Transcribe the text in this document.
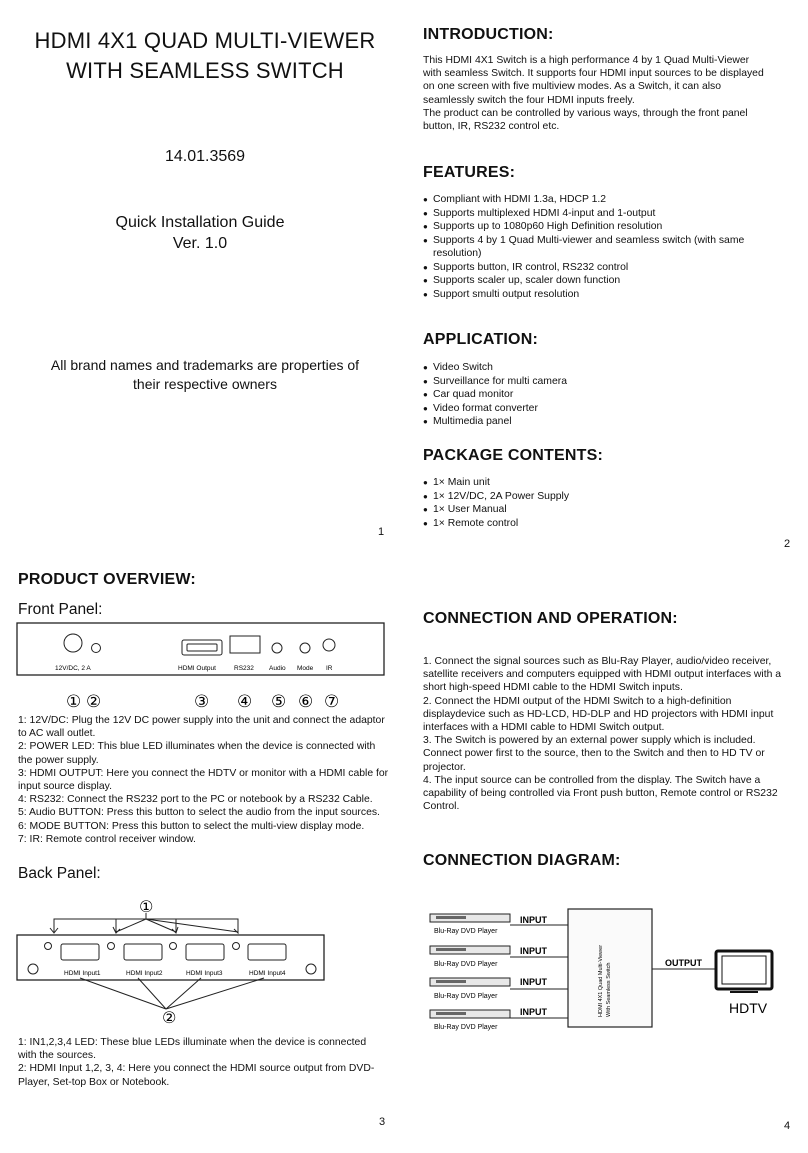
HDMI 4X1 QUAD MULTI-VIEWER
WITH SEAMLESS SWITCH
14.01.3569
Quick Installation Guide
Ver. 1.0
All brand names and trademarks are properties of
their respective owners
1
INTRODUCTION:
This HDMI 4X1 Switch is a high performance 4 by 1 Quad Multi-Viewer
with seamless Switch. It supports four HDMI input sources to be displayed
on one screen with five multiview modes. As a Switch, it can also
seamlessly switch the four HDMI inputs freely.
The product can be controlled by various ways, through the front panel
button, IR, RS232 control etc.
FEATURES:
● Compliant with HDMI 1.3a, HDCP 1.2
● Supports multiplexed HDMI 4-input and 1-output
● Supports up to 1080p60 High Definition resolution
● Supports 4 by 1 Quad Multi-viewer and seamless switch (with same resolution)
● Supports button, IR control, RS232 control
● Supports scaler up, scaler down function
● Support smulti output resolution
APPLICATION:
● Video Switch
● Surveillance for multi camera
● Car quad monitor
● Video format converter
● Multimedia panel
PACKAGE CONTENTS:
● 1× Main unit
● 1× 12V/DC, 2A Power Supply
● 1× User Manual
● 1× Remote control
2
PRODUCT OVERVIEW:
Front Panel:
12V/DC, 2 A	HDMI Output	RS232 Audio Mode IR
① ②	③ ④ ⑤ ⑥ ⑦
1: 12V/DC: Plug the 12V DC power supply into the unit and connect the adaptor
to AC wall outlet.
2: POWER LED: This blue LED illuminates when the device is connected with
the power supply.
3: HDMI OUTPUT: Here you connect the HDTV or monitor with a HDMI cable for
input source display.
4: RS232: Connect the RS232 port to the PC or notebook by a RS232 Cable.
5: Audio BUTTON: Press this button to select the audio from the input sources.
6: MODE BUTTON: Press this button to select the multi-view display mode.
7: IR: Remote control receiver window.
Back Panel:
①
HDMI Input1	HDMI Input2	HDMI Input3	HDMI Input4
②
1: IN1,2,3,4 LED: These blue LEDs illuminate when the device is connected
with the sources.
2: HDMI Input 1,2, 3, 4: Here you connect the HDMI source output from DVD-
Player, Set-top Box or Notebook.
3
CONNECTION AND OPERATION:
1. Connect the signal sources such as Blu-Ray Player, audio/video receiver,
satellite receivers and computers equipped with HDMI output interfaces with a
short high-speed HDMI cable to the HDMI Switch inputs.
2. Connect the HDMI output of the HDMI Switch to a high-definition
displaydevice such as HD-LCD, HD-DLP and HD projectors with HDMI input
interfaces with a HDMI cable to HDMI Switch output.
3. The Switch is powered by an external power supply which is included.
Connect power first to the source, then to the Switch and then to HD TV or
projector.
4. The input source can be controlled from the display. The Switch have a
capability of being controlled via Front push button, Remote control or RS232
Control.
CONNECTION DIAGRAM:
Blu-Ray DVD Player
Blu-Ray DVD Player
Blu-Ray DVD Player
Blu-Ray DVD Player
INPUT
INPUT
INPUT
INPUT	HDMI 4X1 Quad Multi-Viewer With Seamless Switch	OUTPUT
HDTV
4
